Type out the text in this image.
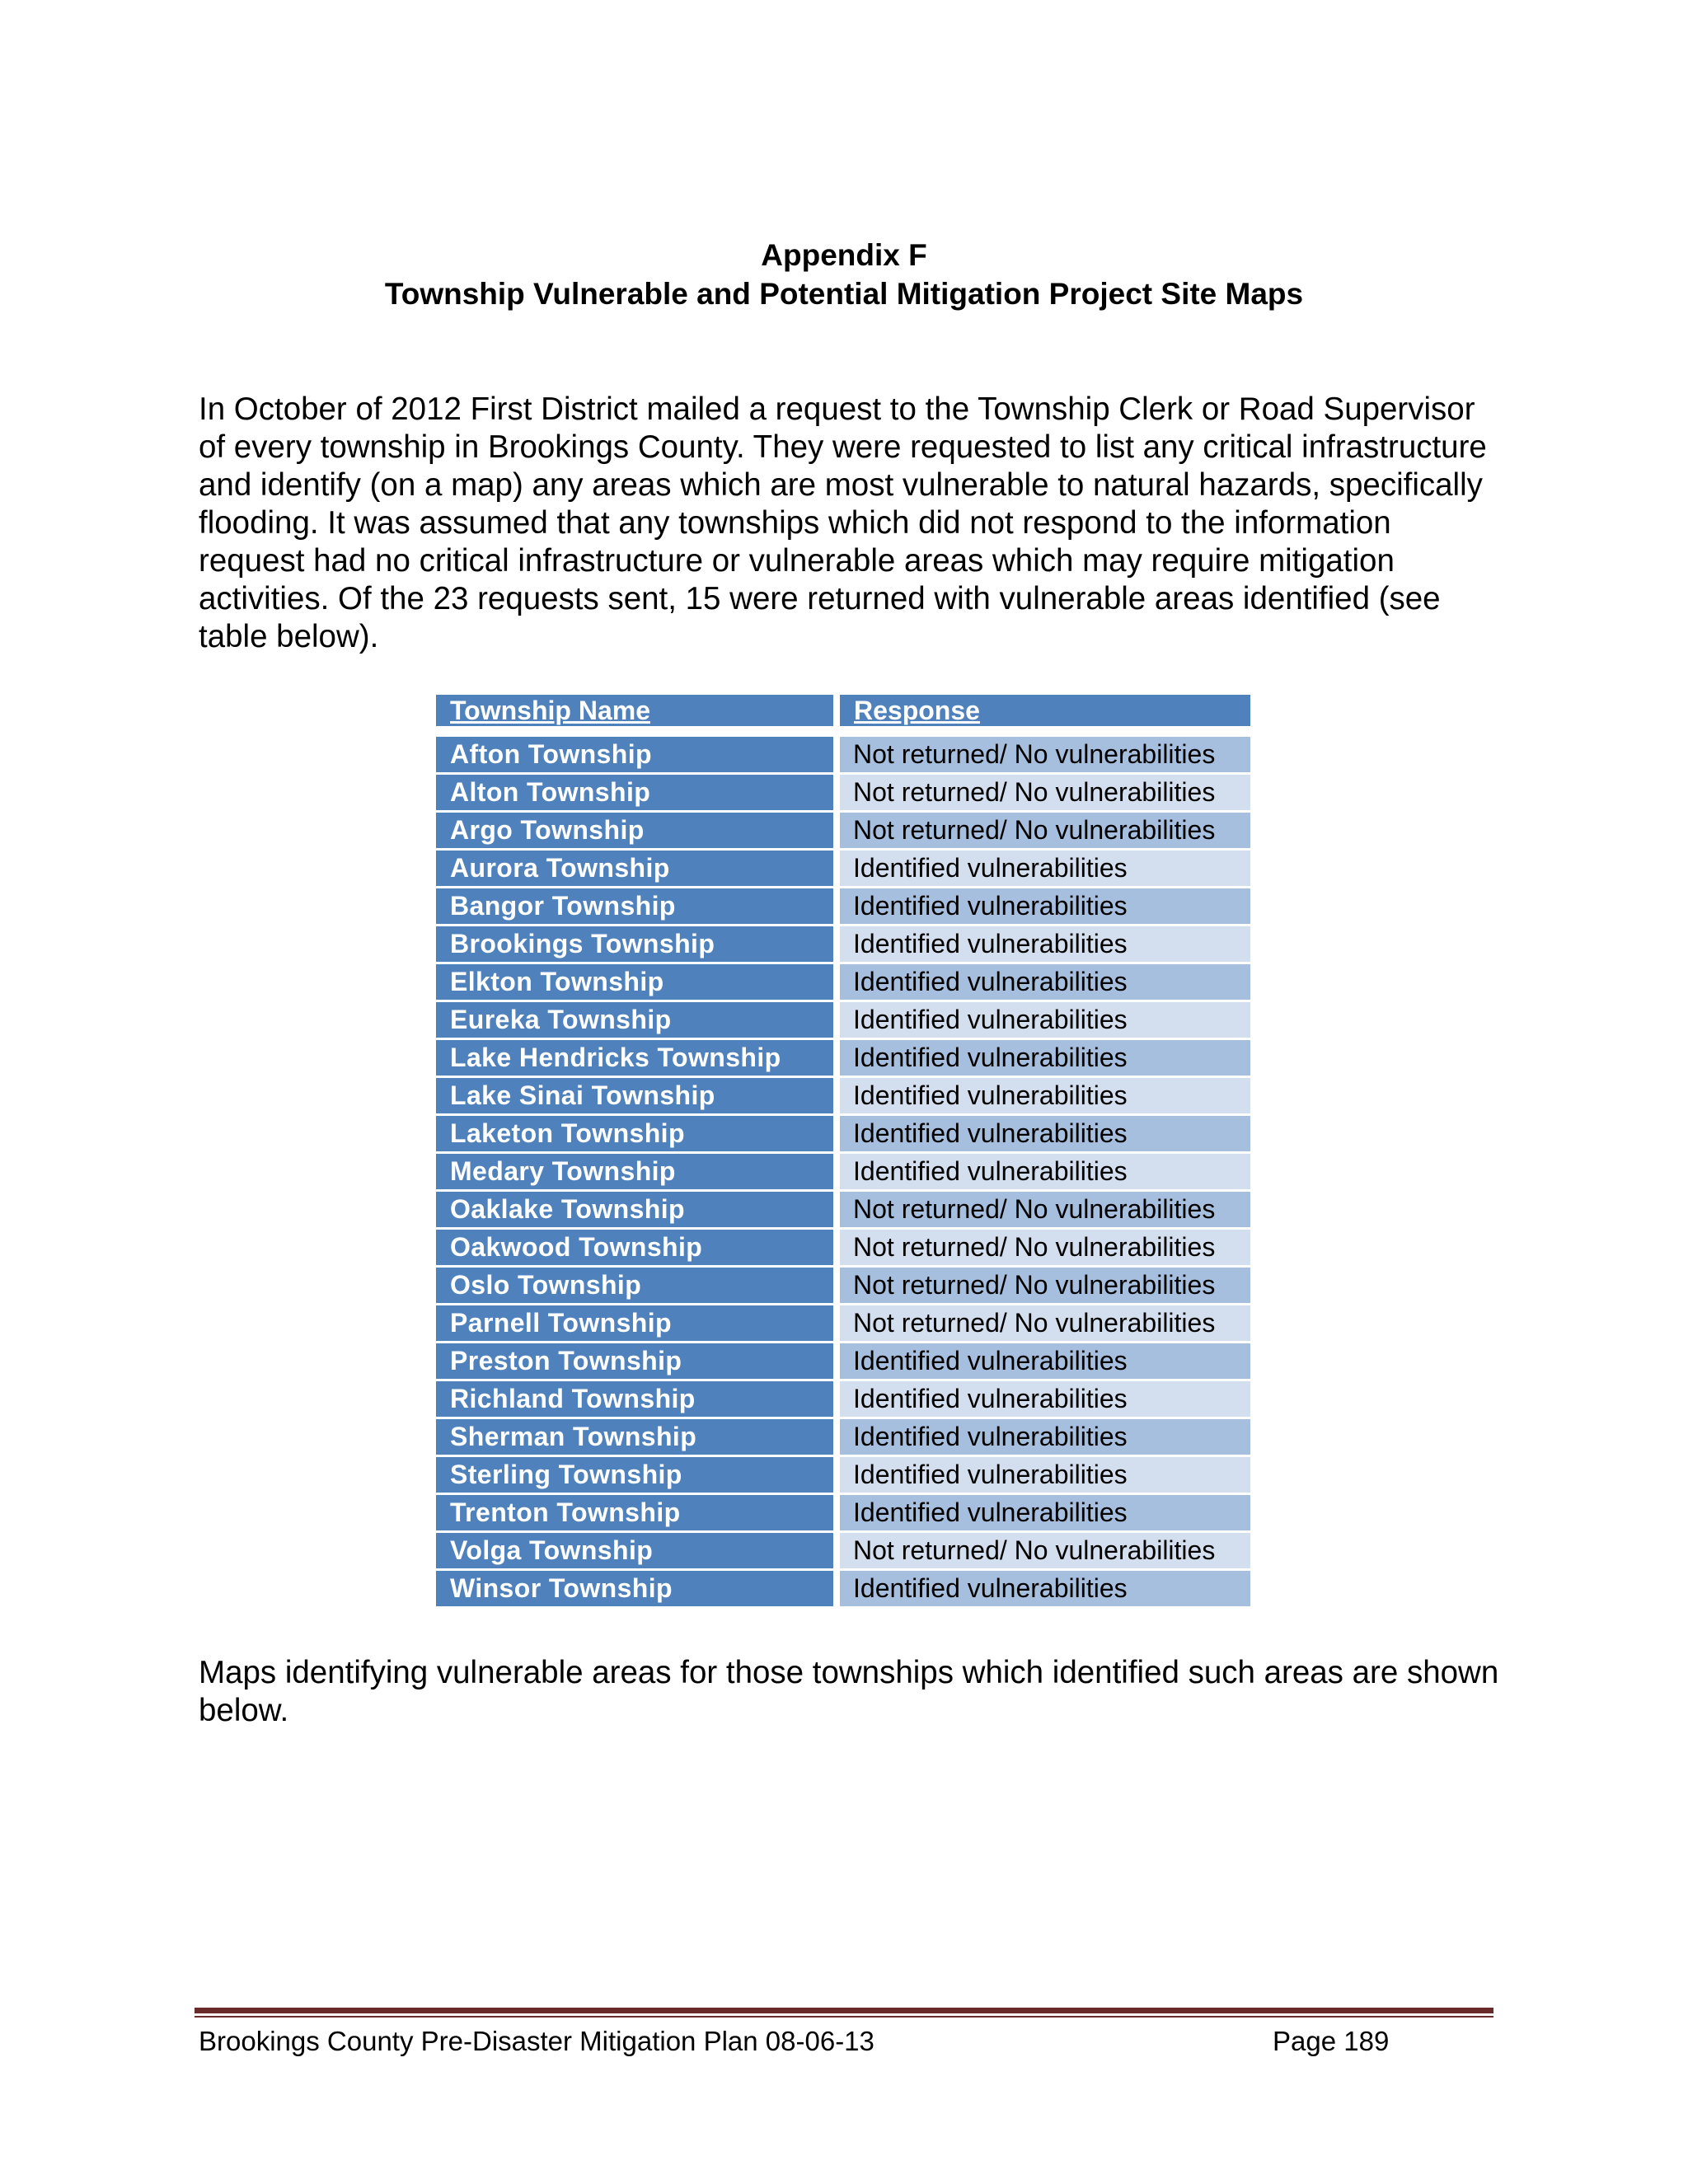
Appendix F
Township Vulnerable and Potential Mitigation Project Site Maps

In October of 2012 First District mailed a request to the Township Clerk or Road Supervisor of every township in Brookings County. They were requested to list any critical infrastructure and identify (on a map) any areas which are most vulnerable to natural hazards, specifically flooding. It was assumed that any townships which did not respond to the information request had no critical infrastructure or vulnerable areas which may require mitigation activities. Of the 23 requests sent, 15 were returned with vulnerable areas identified (see table below).

Township Name		Response

Afton Township		Not returned/ No vulnerabilities
Alton Township		Not returned/ No vulnerabilities
Argo Township		Not returned/ No vulnerabilities
Aurora Township		Identified vulnerabilities
Bangor Township		Identified vulnerabilities
Brookings Township		Identified vulnerabilities
Elkton Township		Identified vulnerabilities
Eureka Township		Identified vulnerabilities
Lake Hendricks Township		Identified vulnerabilities
Lake Sinai Township		Identified vulnerabilities
Laketon Township		Identified vulnerabilities
Medary Township		Identified vulnerabilities
Oaklake Township		Not returned/ No vulnerabilities
Oakwood Township		Not returned/ No vulnerabilities
Oslo Township		Not returned/ No vulnerabilities
Parnell Township		Not returned/ No vulnerabilities
Preston Township		Identified vulnerabilities
Richland Township		Identified vulnerabilities
Sherman Township		Identified vulnerabilities
Sterling Township		Identified vulnerabilities
Trenton Township		Identified vulnerabilities
Volga Township		Not returned/ No vulnerabilities
Winsor Township		Identified vulnerabilities

Maps identifying vulnerable areas for those townships which identified such areas are shown below.

Brookings County Pre-Disaster Mitigation Plan 08-06-13	Page 189
